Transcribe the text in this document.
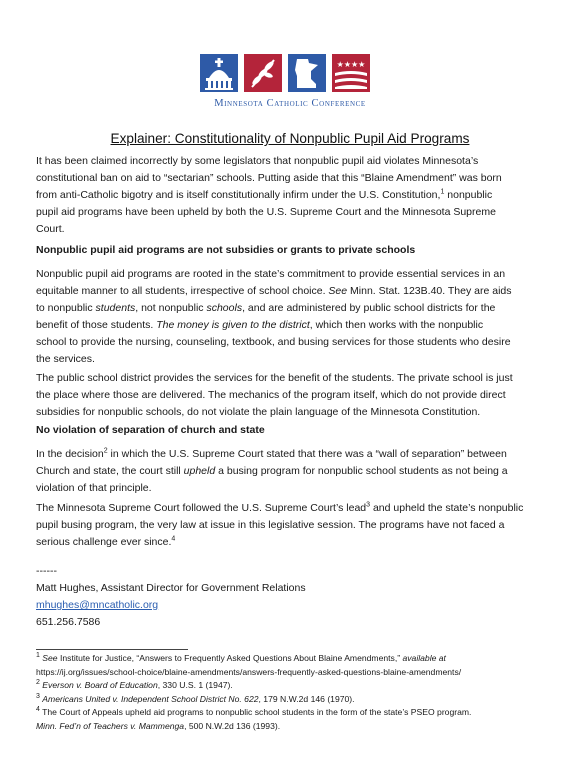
★★★★
Minnesota Catholic Conference
Explainer: Constitutionality of Nonpublic Pupil Aid Programs
It has been claimed incorrectly by some legislators that nonpublic pupil aid violates Minnesota’s
constitutional ban on aid to “sectarian” schools. Putting aside that this “Blaine Amendment” was born
from anti-Catholic bigotry and is itself constitutionally infirm under the U.S. Constitution,$^1$ nonpublic
pupil aid programs have been upheld by both the U.S. Supreme Court and the Minnesota Supreme
Court.
Nonpublic pupil aid programs are not subsidies or grants to private schools
Nonpublic pupil aid programs are rooted in the state’s commitment to provide essential services in an
equitable manner to all students, irrespective of school choice. See Minn. Stat. 123B.40. They are aids
to nonpublic students, not nonpublic schools, and are administered by public school districts for the
benefit of those students. The money is given to the district, which then works with the nonpublic
school to provide the nursing, counseling, textbook, and busing services for those students who desire
the services.
The public school district provides the services for the benefit of the students. The private school is just
the place where those are delivered. The mechanics of the program itself, which do not provide direct
subsidies for nonpublic schools, do not violate the plain language of the Minnesota Constitution.
No violation of separation of church and state
In the decision$^2$ in which the U.S. Supreme Court stated that there was a “wall of separation” between
Church and state, the court still upheld a busing program for nonpublic school students as not being a
violation of that principle.
The Minnesota Supreme Court followed the U.S. Supreme Court’s lead$^3$ and upheld the state’s nonpublic
pupil busing program, the very law at issue in this legislative session. The programs have not faced a
serious challenge ever since.$^4$
------
Matt Hughes, Assistant Director for Government Relations
mhughes@mncatholic.org
651.256.7586
$^1$ See Institute for Justice, “Answers to Frequently Asked Questions About Blaine Amendments,” available at
https://ij.org/issues/school-choice/blaine-amendments/answers-frequently-asked-questions-blaine-amendments/
$^2$ Everson v. Board of Education, 330 U.S. 1 (1947).
$^3$ Americans United v. Independent School District No. 622, 179 N.W.2d 146 (1970).
$^4$ The Court of Appeals upheld aid programs to nonpublic school students in the form of the state’s PSEO program.
Minn. Fed’n of Teachers v. Mammenga, 500 N.W.2d 136 (1993).
